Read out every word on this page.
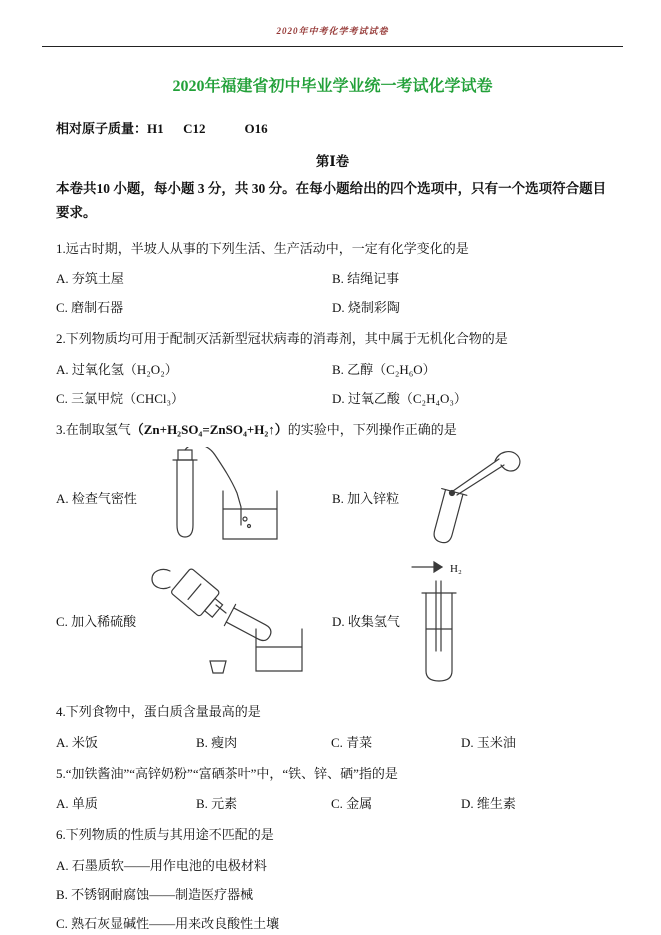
2020年中考化学考试试卷
2020年福建省初中毕业学业统一考试化学试卷
相对原子质量：H1      C12            O16
第Ⅰ卷
本卷共10 小题，每小题 3 分，共 30 分。在每小题给出的四个选项中，只有一个选项符合题目要求。
1.远古时期，半坡人从事的下列生活、生产活动中，一定有化学变化的是
A. 夯筑土屋	B. 结绳记事
C. 磨制石器	D. 烧制彩陶
2.下列物质均可用于配制灭活新型冠状病毒的消毒剂，其中属于无机化合物的是
A. 过氧化氢（H₂O₂）	B. 乙醇（C₂H₆O）
C. 三氯甲烷（CHCl₃）	D. 过氧乙酸（C₂H₄O₃）
3.在制取氢气（Zn+H₂SO₄=ZnSO₄+H₂↑）的实验中，下列操作正确的是
A. 检查气密性	B. 加入锌粒
C. 加入稀硫酸	D. 收集氢气
H₂
4.下列食物中，蛋白质含量最高的是
A. 米饭	B. 瘦肉	C. 青菜	D. 玉米油
5.“加铁酱油”“高锌奶粉”“富硒茶叶”中，“铁、锌、硒”指的是
A. 单质	B. 元素	C. 金属	D. 维生素
6.下列物质的性质与其用途不匹配的是
A. 石墨质软——用作电池的电极材料
B. 不锈钢耐腐蚀——制造医疗器械
C. 熟石灰显碱性——用来改良酸性土壤
